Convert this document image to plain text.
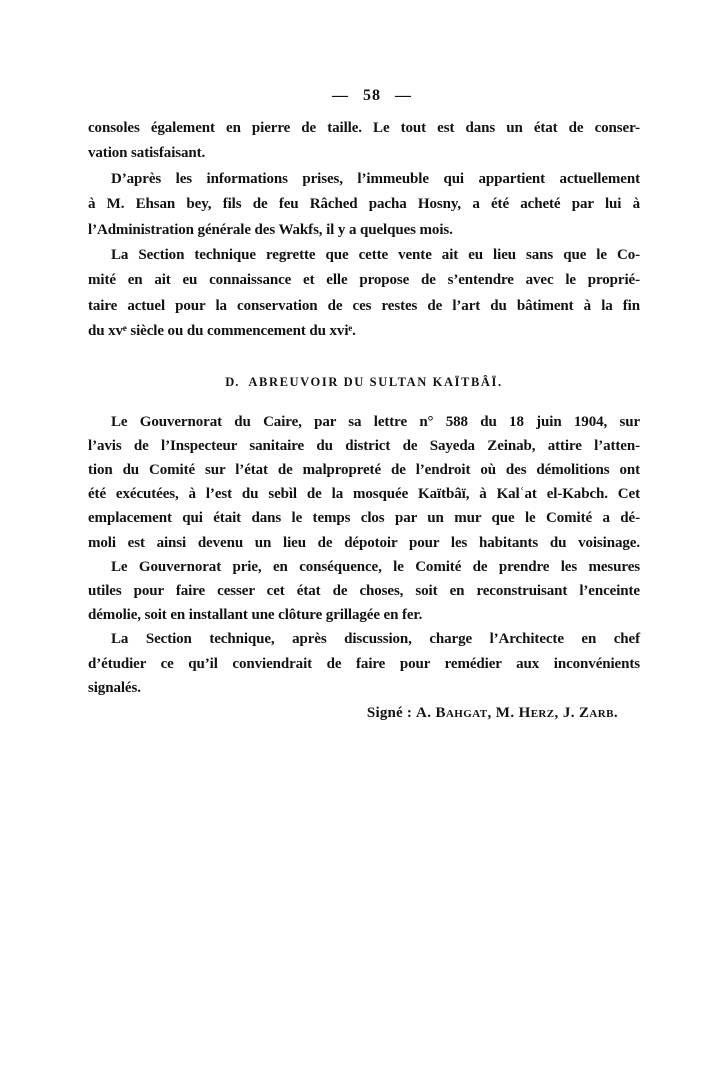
— 58 —
consoles également en pierre de taille. Le tout est dans un état de conser-
vation satisfaisant.
D’après les informations prises, l’immeuble qui appartient actuellement
à M. Ehsan bey, fils de feu Râched pacha Hosny, a été acheté par lui à
l’Administration générale des Wakfs, il y a quelques mois.
La Section technique regrette que cette vente ait eu lieu sans que le Co-
mité en ait eu connaissance et elle propose de s’entendre avec le proprié-
taire actuel pour la conservation de ces restes de l’art du bâtiment à la fin
du xvᵉ siècle ou du commencement du xviᵉ.
D. ABREUVOIR DU SULTAN KAÏTBÂÏ.
Le Gouvernorat du Caire, par sa lettre n° 588 du 18 juin 1904, sur
l’avis de l’Inspecteur sanitaire du district de Sayeda Zeinab, attire l’atten-
tion du Comité sur l’état de malpropreté de l’endroit où des démolitions ont
été exécutées, à l’est du sebìl de la mosquée Kaïtbâï, à Kalʿat el-Kabch. Cet
emplacement qui était dans le temps clos par un mur que le Comité a dé-
moli est ainsi devenu un lieu de dépotoir pour les habitants du voisinage.
Le Gouvernorat prie, en conséquence, le Comité de prendre les mesures
utiles pour faire cesser cet état de choses, soit en reconstruisant l’enceinte
démolie, soit en installant une clôture grillagée en fer.
La Section technique, après discussion, charge l’Architecte en chef
d’étudier ce qu’il conviendrait de faire pour remédier aux inconvénients
signalés.
Signé : A. Bahgat, M. Herz, J. Zarb.
